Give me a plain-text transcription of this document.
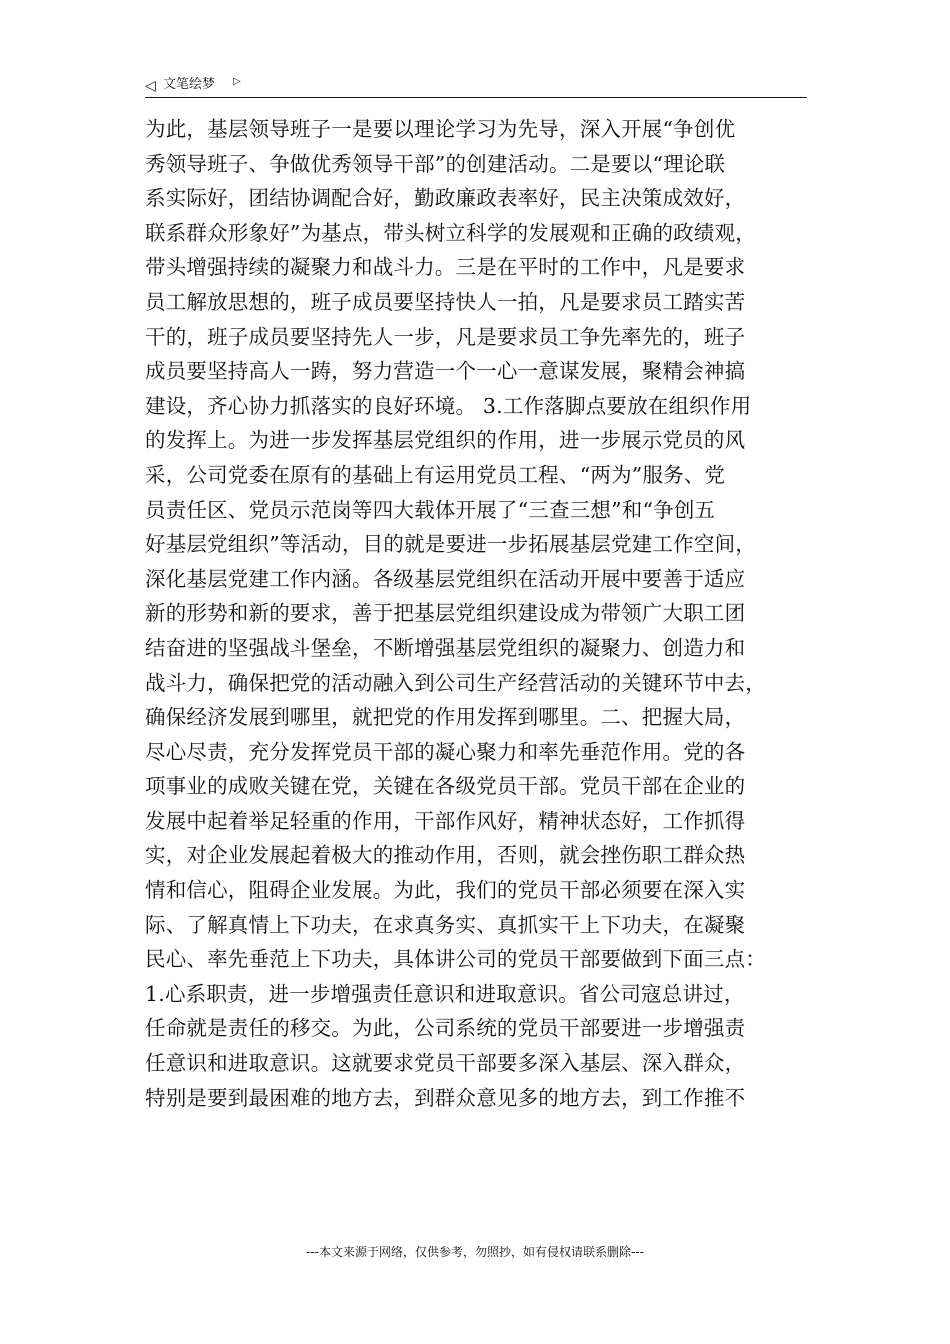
◁ 文笔绘梦 ▷
为此，基层领导班子一是要以理论学习为先导，深入开展“争创优
秀领导班子、争做优秀领导干部”的创建活动。二是要以“理论联
系实际好，团结协调配合好，勤政廉政表率好，民主决策成效好，
联系群众形象好”为基点，带头树立科学的发展观和正确的政绩观，
带头增强持续的凝聚力和战斗力。三是在平时的工作中，凡是要求
员工解放思想的，班子成员要坚持快人一拍，凡是要求员工踏实苦
干的，班子成员要坚持先人一步，凡是要求员工争先率先的，班子
成员要坚持高人一踌，努力营造一个一心一意谋发展，聚精会神搞
建设，齐心协力抓落实的良好环境。 3.工作落脚点要放在组织作用
的发挥上。为进一步发挥基层党组织的作用，进一步展示党员的风
采，公司党委在原有的基础上有运用党员工程、“两为”服务、党
员责任区、党员示范岗等四大载体开展了“三查三想”和“争创五
好基层党组织”等活动，目的就是要进一步拓展基层党建工作空间，
深化基层党建工作内涵。各级基层党组织在活动开展中要善于适应
新的形势和新的要求，善于把基层党组织建设成为带领广大职工团
结奋进的坚强战斗堡垒，不断增强基层党组织的凝聚力、创造力和
战斗力，确保把党的活动融入到公司生产经营活动的关键环节中去，
确保经济发展到哪里，就把党的作用发挥到哪里。二、把握大局，
尽心尽责，充分发挥党员干部的凝心聚力和率先垂范作用。党的各
项事业的成败关键在党，关键在各级党员干部。党员干部在企业的
发展中起着举足轻重的作用，干部作风好，精神状态好，工作抓得
实，对企业发展起着极大的推动作用，否则，就会挫伤职工群众热
情和信心，阻碍企业发展。为此，我们的党员干部必须要在深入实
际、了解真情上下功夫，在求真务实、真抓实干上下功夫，在凝聚
民心、率先垂范上下功夫，具体讲公司的党员干部要做到下面三点：
1.心系职责，进一步增强责任意识和进取意识。省公司寇总讲过，
任命就是责任的移交。为此，公司系统的党员干部要进一步增强责
任意识和进取意识。这就要求党员干部要多深入基层、深入群众，
特别是要到最困难的地方去，到群众意见多的地方去，到工作推不
---本文来源于网络，仅供参考，勿照抄，如有侵权请联系删除---
